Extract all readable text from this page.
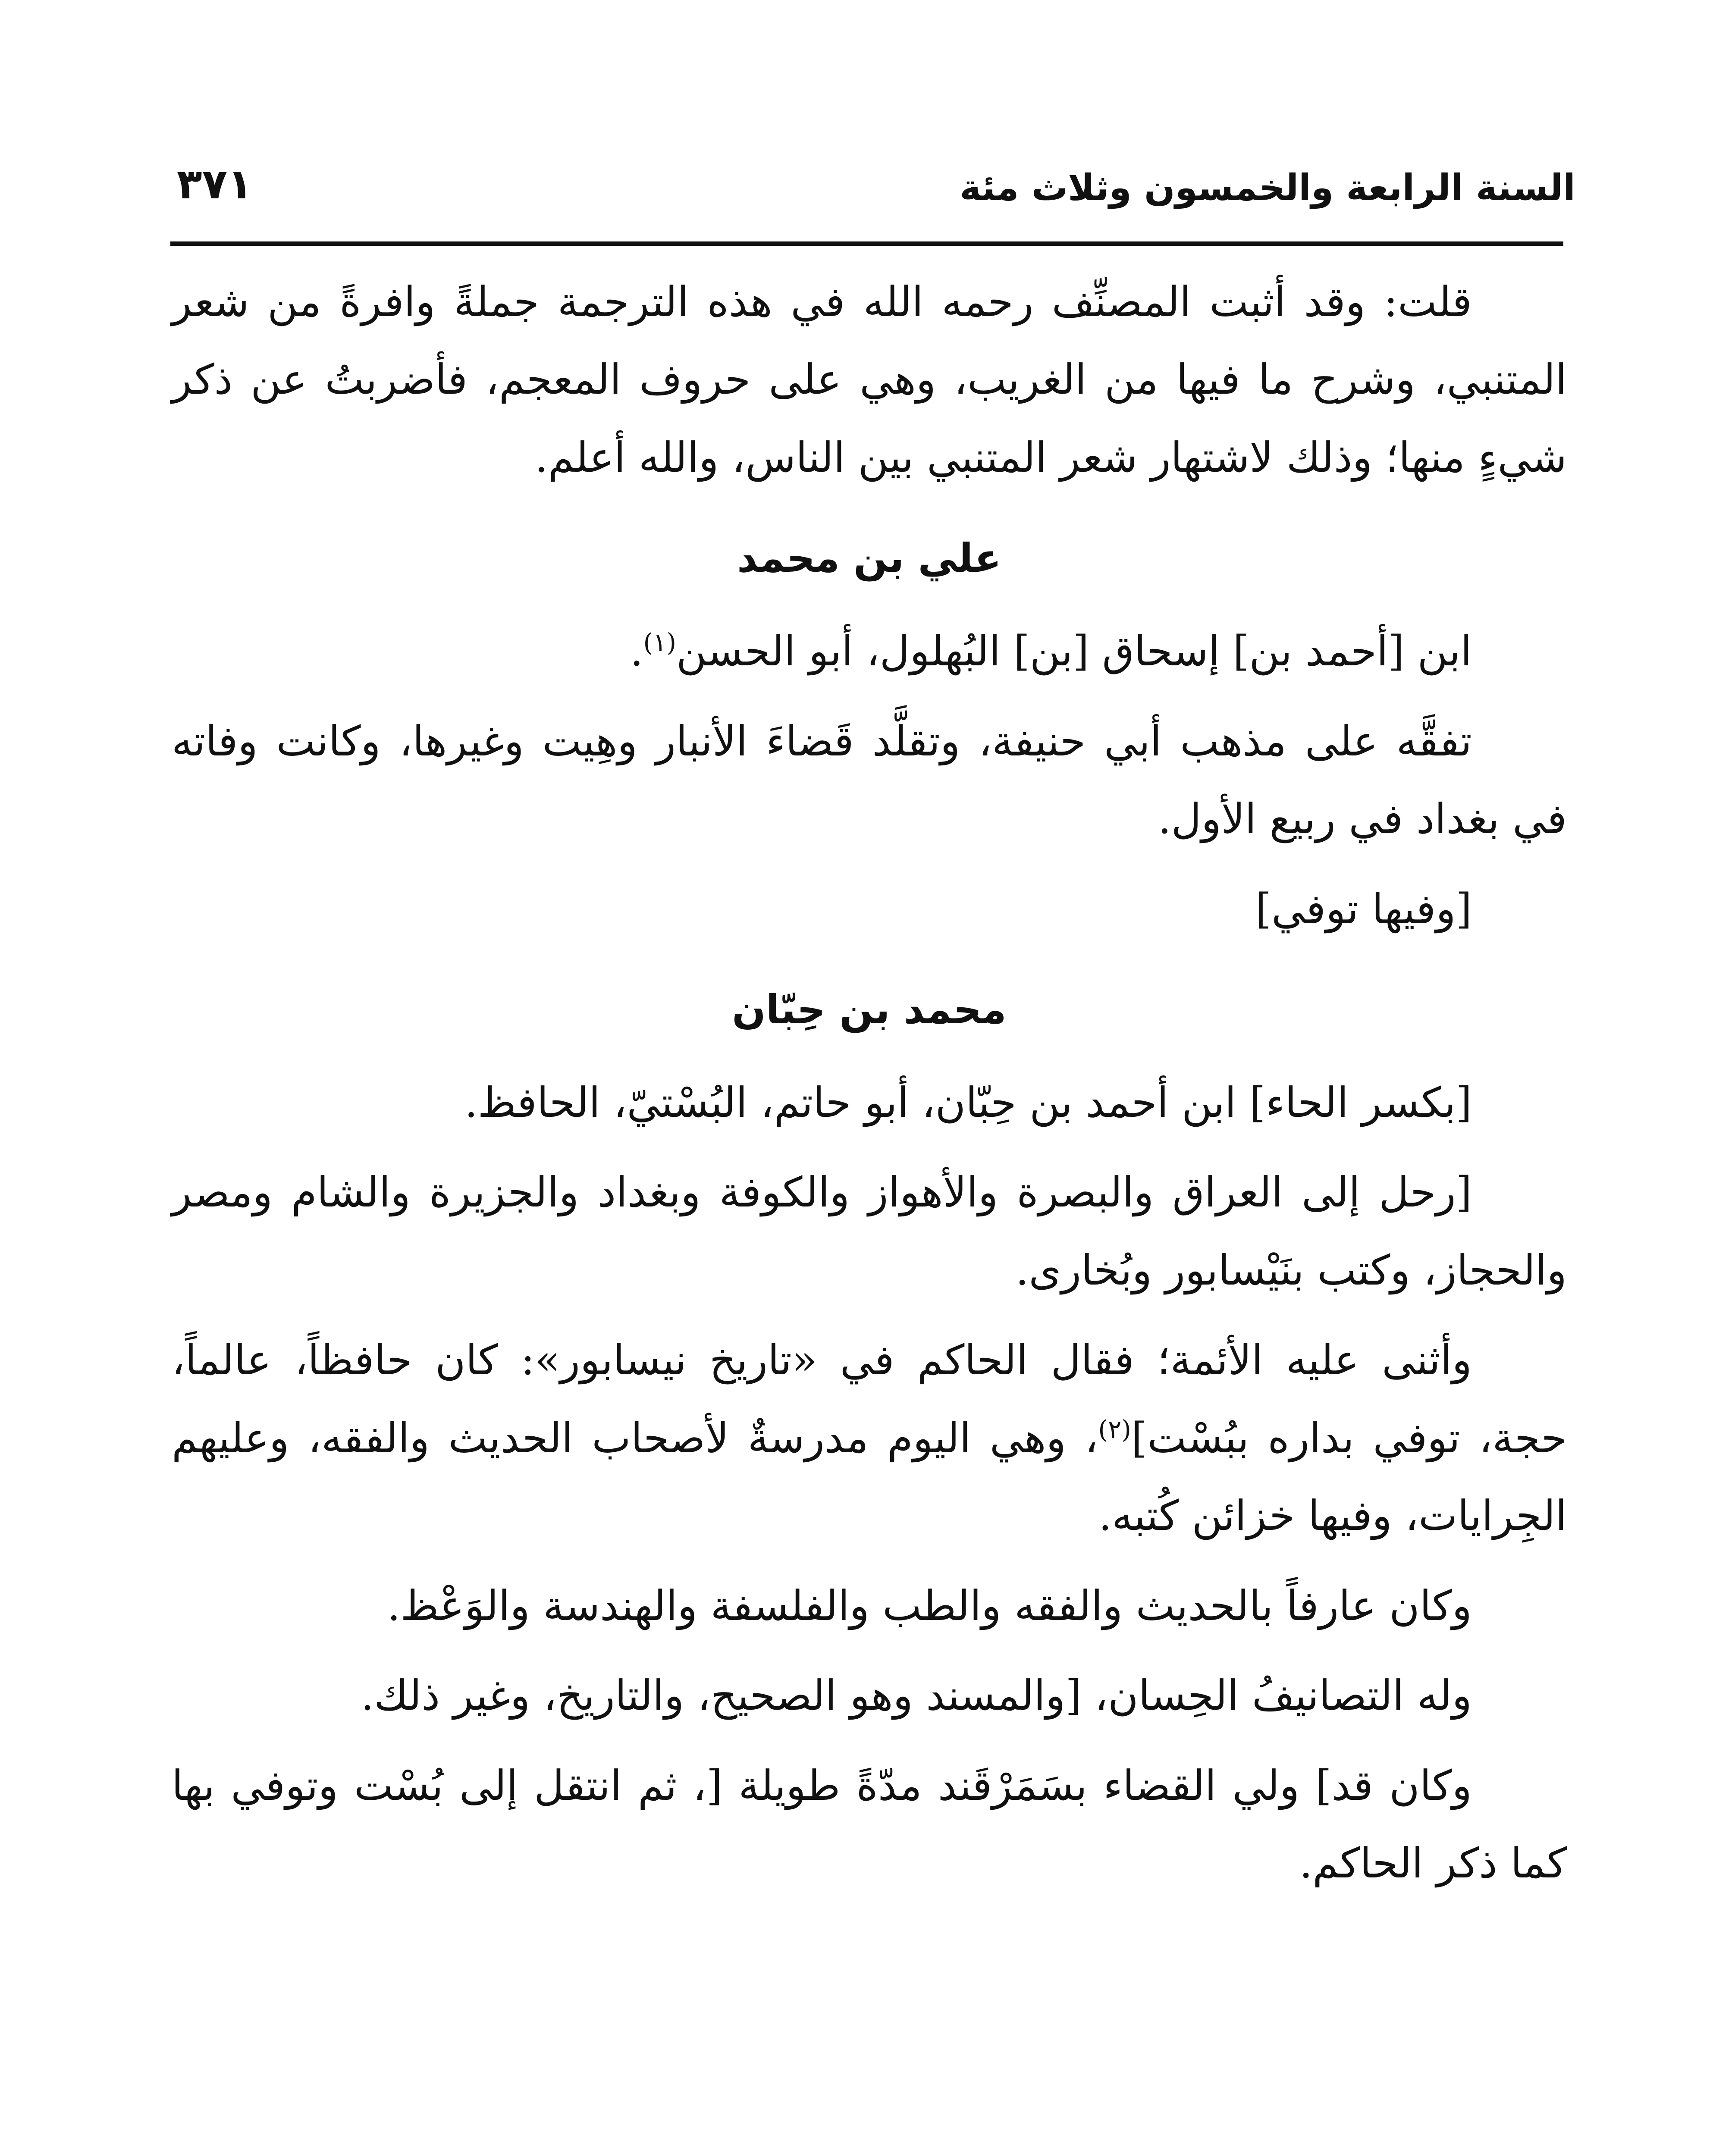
السنة الرابعة والخمسون وثلاث مئة
٣٧١

قلت: وقد أثبت المصنِّف رحمه الله في هذه الترجمة جملةً وافرةً من شعر المتنبي، وشرح ما فيها من الغريب، وهي على حروف المعجم، فأضربتُ عن ذكر شيءٍ منها؛ وذلك لاشتهار شعر المتنبي بين الناس، والله أعلم.

علي بن محمد

ابن [أحمد بن] إسحاق [بن] البُهلول، أبو الحسن$^{(١)}$.

تفقَّه على مذهب أبي حنيفة، وتقلَّد قَضاءَ الأنبار وهِيت وغيرها، وكانت وفاته في بغداد في ربيع الأول.

[وفيها توفي]

محمد بن حِبّان

[بكسر الحاء] ابن أحمد بن حِبّان، أبو حاتم، البُسْتيّ، الحافظ.

[رحل إلى العراق والبصرة والأهواز والكوفة وبغداد والجزيرة والشام ومصر والحجاز، وكتب بنَيْسابور وبُخارى.

وأثنى عليه الأئمة؛ فقال الحاكم في «تاريخ نيسابور»: كان حافظاً، عالماً، حجة، توفي بداره ببُسْت]$^{(٢)}$، وهي اليوم مدرسةٌ لأصحاب الحديث والفقه، وعليهم الجِرايات، وفيها خزائن كُتبه.

وكان عارفاً بالحديث والفقه والطب والفلسفة والهندسة والوَعْظ.

وله التصانيفُ الحِسان، [والمسند وهو الصحيح، والتاريخ، وغير ذلك.

وكان قد] ولي القضاء بسَمَرْقَند مدّةً طويلة [، ثم انتقل إلى بُسْت وتوفي بها كما ذكر الحاكم.
